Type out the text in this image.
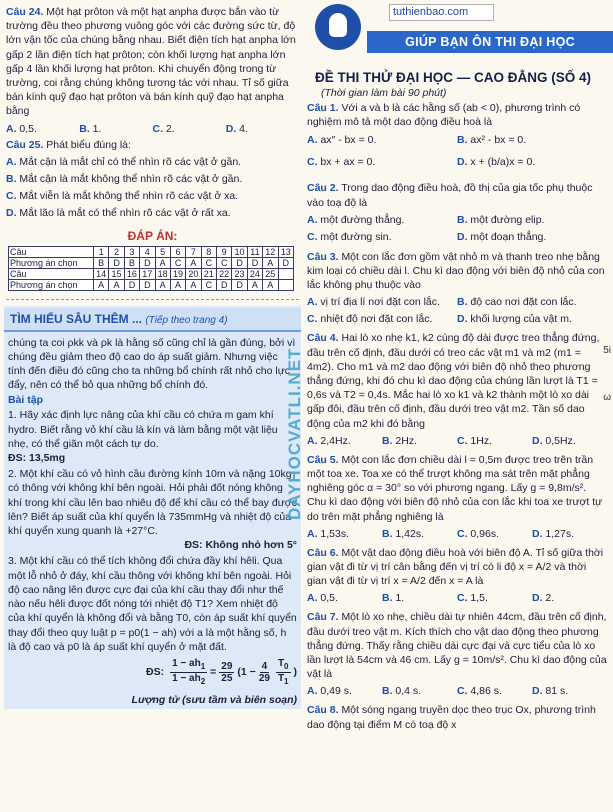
Câu 24. Một hạt prôton và một hạt anpha được bắn vào từ trường đều theo phương vuông góc với các đường sức từ, độ lớn vận tốc của chúng bằng nhau. Biết điện tích hạt anpha lớn gấp 2 lần điện tích hạt prôton; còn khối lượng hạt anpha lớn gấp 4 lần khối lượng hạt prôton. Khi chuyển động trong từ trường, coi rằng chúng không tương tác với nhau. Tỉ số giữa bán kính quỹ đạo hạt prôton và bán kính quỹ đạo hạt anpha bằng

A. 0,5.	B. 1.	C. 2.	D. 4.

Câu 25. Phát biểu đúng là:

A. Mắt cận là mắt chỉ có thể nhìn rõ các vật ở gần.

B. Mắt cận là mắt không thể nhìn rõ các vật ở gần.

C. Mắt viễn là mắt không thể nhìn rõ các vật ở xa.

D. Mắt lão là mắt có thể nhìn rõ các vật ở rất xa.

ĐÁP ÁN:
Câu	1	2	3	4	5	6	7	8	9	10	11	12	13
Phương án chọn	B	D	B	D	A	C	A	C	C	D	D	A	D
Câu	14	15	16	17	18	19	20	21	22	23	24	25	
Phương án chọn	A	A	D	D	A	A	A	C	D	D	A	A	
TÌM HIỂU SÂU THÊM ... (Tiếp theo trang 4)

chúng ta coi ρkk và ρk là hằng số cũng chỉ là gần đúng, bởi vì chúng đều giảm theo độ cao do áp suất giảm. Nhưng việc tính đến điều đó cũng cho ta những bổ chính rất nhỏ cho lực đẩy, nên có thể bỏ qua những bổ chính đó.

Bài tập

1. Hãy xác định lực nâng của khí cầu có chứa m gam khí hydro. Biết rằng vỏ khí cầu là kín và làm bằng một vật liệu nhẹ, có thể giãn một cách tự do.

ĐS: 13,5mg

2. Một khí cầu có vỏ hình cầu đường kính 10m và nặng 10kg có thông với không khí bên ngoài. Hỏi phải đốt nóng không khí trong khí cầu lên bao nhiêu độ để khí cầu có thể bay được lên? Biết áp suất của khí quyển là 735mmHg và nhiệt độ của khí quyển xung quanh là +27°C.

ĐS: Không nhỏ hơn 5°

3. Một khí cầu có thể tích không đổi chứa đầy khí hêli. Qua một lỗ nhỏ ở đáy, khí cầu thông với không khí bên ngoài. Hỏi độ cao nâng lên được cực đại của khí cầu thay đổi như thế nào nếu hêli được đốt nóng tới nhiệt độ T1? Xem nhiệt độ của khí quyển là không đổi và bằng T0, còn áp suất khí quyển thay đổi theo quy luật p = p0(1 − ah) với a là một hằng số, h là độ cao và p0 là áp suất khí quyển ở mặt đất.

ĐS:
$\frac{1 - ah_1}{1 - ah_2} = \frac{29}{25} (1 - \frac{4}{29} \frac{T_0}{T_1}$ )

Lượng tử (sưu tầm và biên soạn)

DAYHOCVATLI.NET
tuthienbao.com
GIÚP BẠN ÔN THI ĐẠI HỌC
ĐỀ THI THỬ ĐẠI HỌC — CAO ĐẲNG (SỐ 4)
(Thời gian làm bài 90 phút)

Câu 1. Với a và b là các hằng số (ab < 0), phương trình có nghiệm mô tả một dao động điều hoà là

A. ax″ - bx = 0.	B. ax² - bx = 0.
C. bx + ax = 0.	D. x + (b/a)x = 0.

Câu 2. Trong dao động điều hoà, đồ thị của gia tốc phụ thuộc vào toạ độ là

A. một đường thẳng.	B. một đường elip.
C. một đường sin.	D. một đoạn thẳng.

Câu 3. Một con lắc đơn gồm vật nhỏ m và thanh treo nhẹ bằng kim loại có chiều dài l. Chu kì dao động với biên độ nhỏ của con lắc không phụ thuộc vào

A. vị trí địa lí nơi đặt con lắc.	B. độ cao nơi đặt con lắc.
C. nhiệt độ nơi đặt con lắc.	D. khối lượng của vật m.

Câu 4. Hai lò xo nhẹ k1, k2 cùng độ dài được treo thẳng đứng, đầu trên cố định, đầu dưới có treo các vật m1 và m2 (m1 = 4m2). Cho m1 và m2 dao động với biên độ nhỏ theo phương thẳng đứng, khi đó chu kì dao động của chúng lần lượt là T1 = 0,6s và T2 = 0,4s. Mắc hai lò xo k1 và k2 thành một lò xo dài gấp đôi, đầu trên cố định, đầu dưới treo vật m2. Tần số dao động của m2 khi đó bằng

A. 2,4Hz.	B. 2Hz.	C. 1Hz.	D. 0,5Hz.

Câu 5. Một con lắc đơn chiều dài l = 0,5m được treo trên trần một toa xe. Toa xe có thể trượt không ma sát trên mặt phẳng nghiêng góc α = 30° so với phương ngang. Lấy g = 9,8m/s². Chu kì dao động với biên độ nhỏ của con lắc khi toa xe trượt tự do trên mặt phẳng nghiêng là

A. 1,53s.	B. 1,42s.	C. 0,96s.	D. 1,27s.

Câu 6. Một vật dao động điều hoà với biên độ A. Tỉ số giữa thời gian vật đi từ vị trí cân bằng đến vị trí có li độ x = A/2 và thời gian vật đi từ vị trí x = A/2 đến x = A là

A. 0,5.	B. 1.	C. 1,5.	D. 2.

Câu 7. Một lò xo nhẹ, chiều dài tự nhiên 44cm, đầu trên cố định, đầu dưới treo vật m. Kích thích cho vật dao động theo phương thẳng đứng. Thấy rằng chiều dài cực đại và cực tiểu của lò xo lần lượt là 54cm và 46 cm. Lấy g = 10m/s². Chu kì dao động của vật là

A. 0,49 s.	B. 0,4 s.	C. 4,86 s.	D. 81 s.

Câu 8. Một sóng ngang truyền dọc theo trục Ox, phương trình dao động tại điểm M có toạ độ x

5i
ω
